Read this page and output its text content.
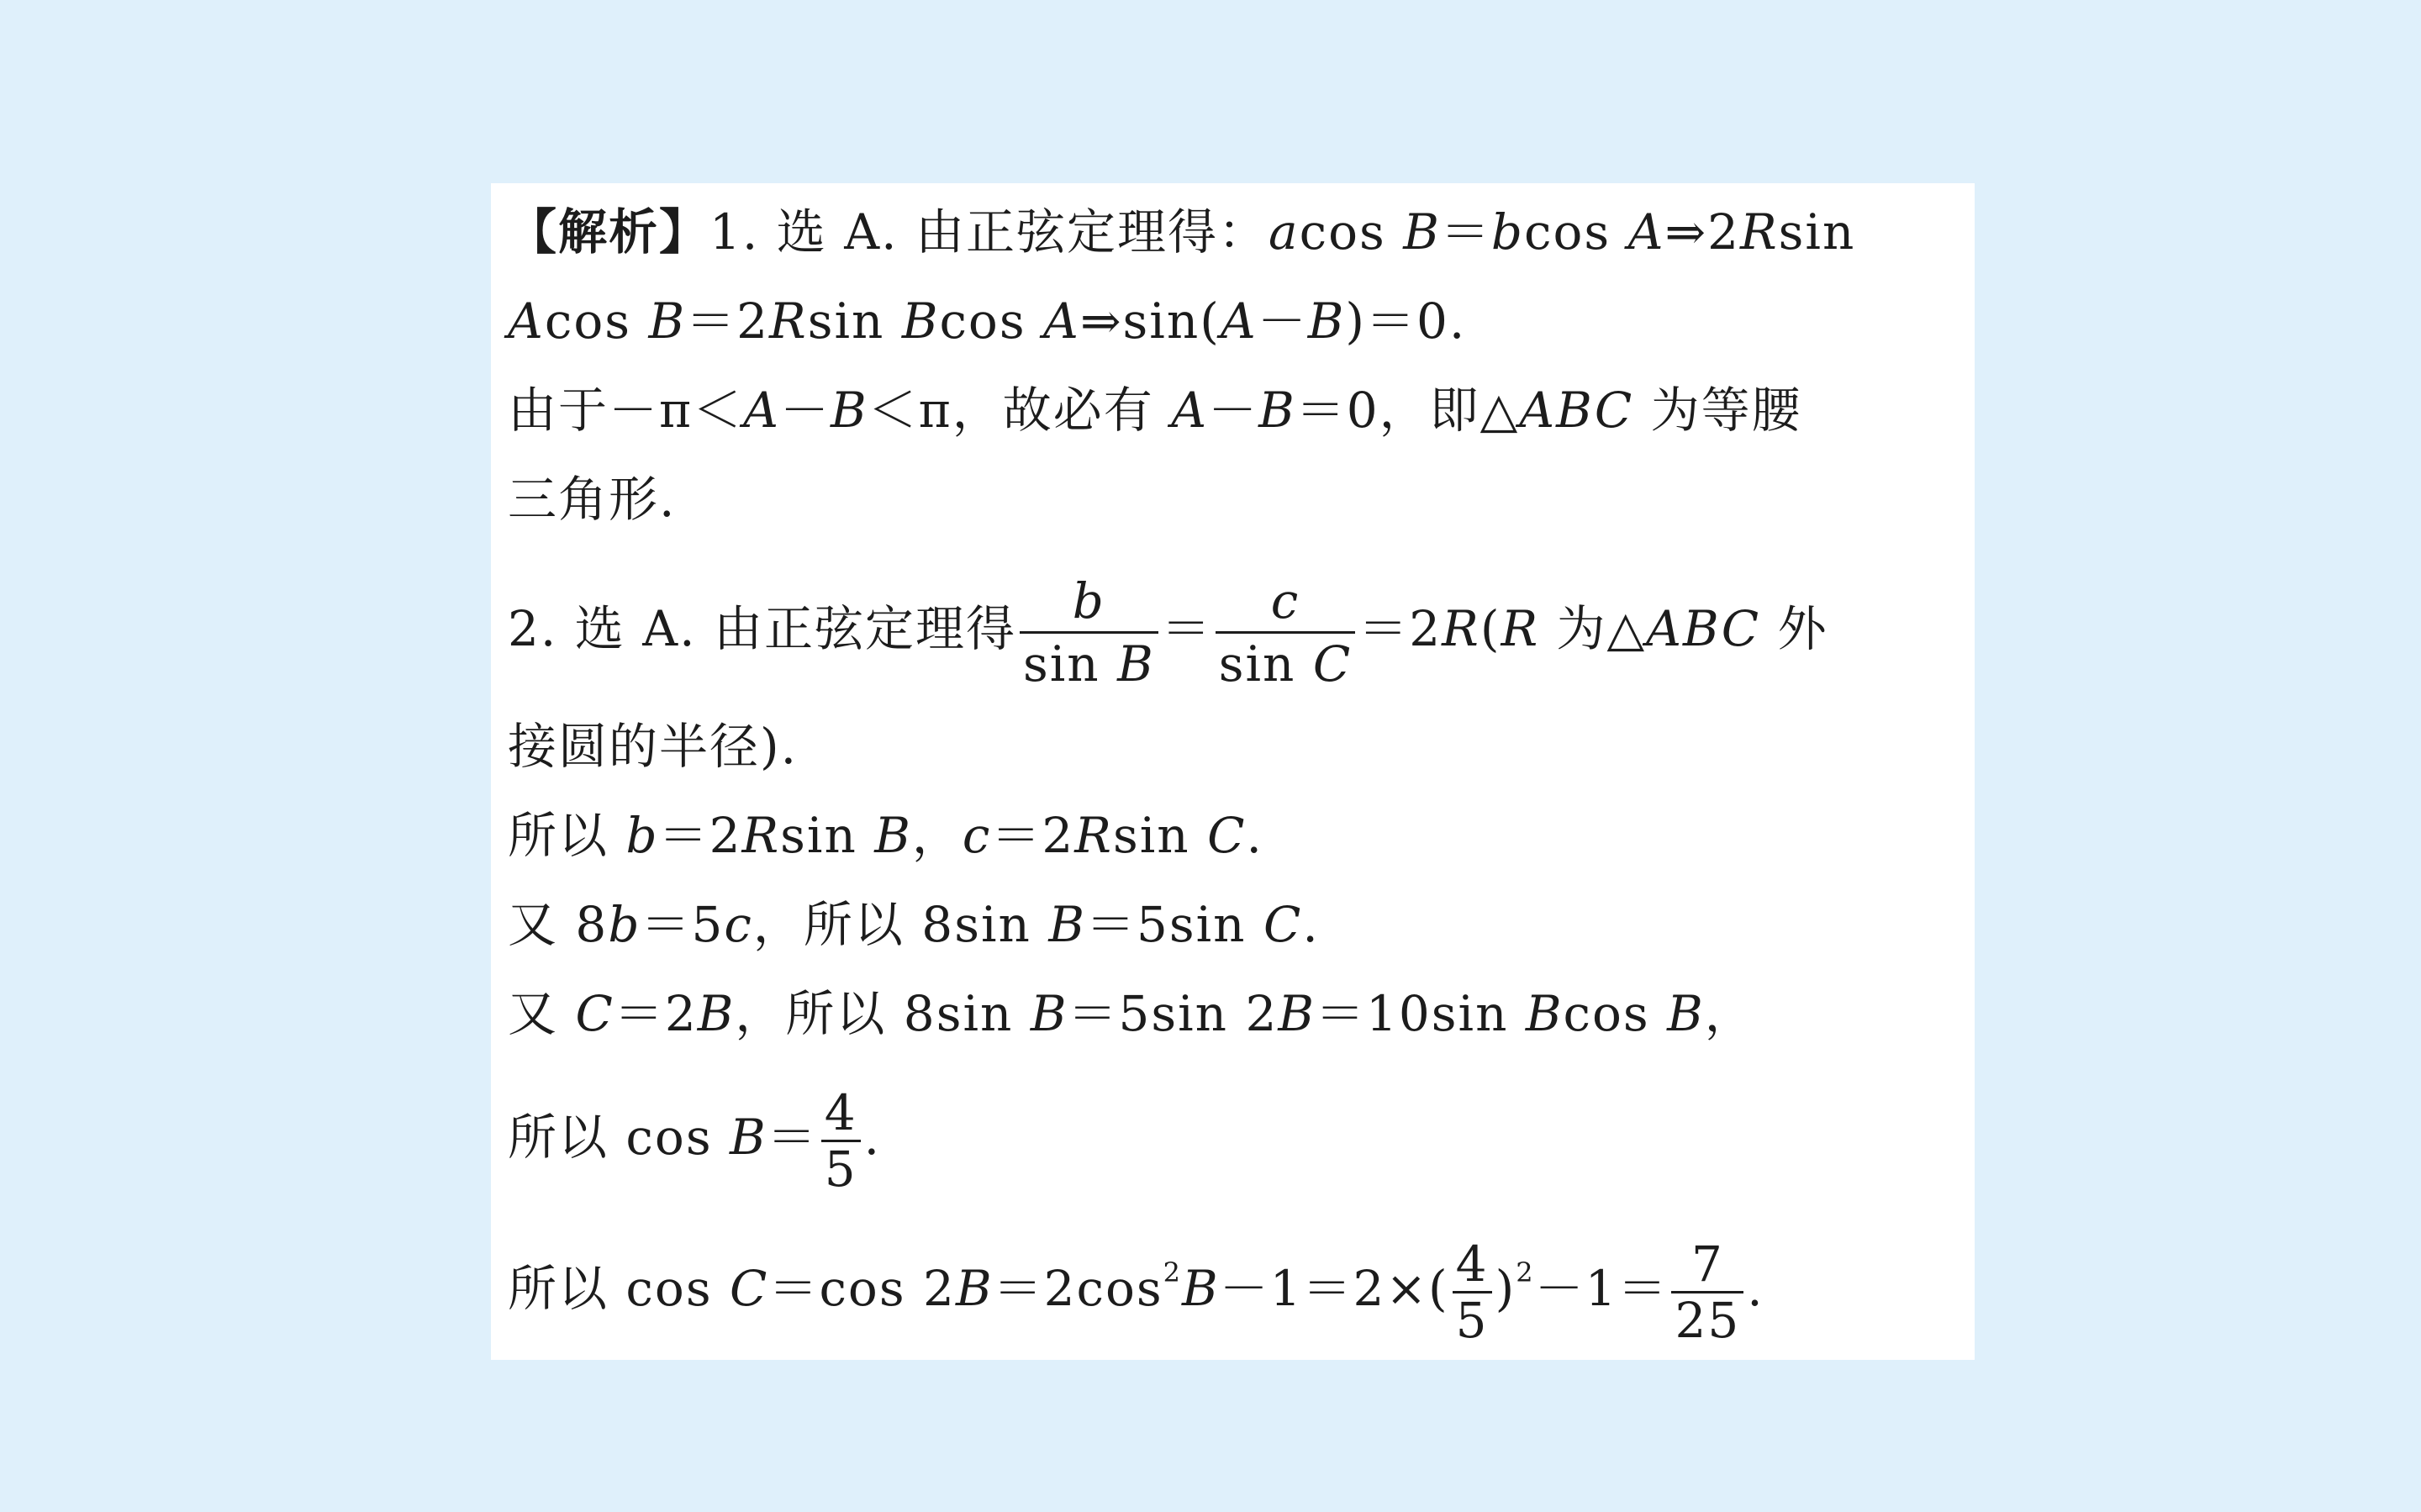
【解析】1. 选 A. 由正弦定理得：acos B＝bcos A⇒2Rsin
Acos B＝2Rsin Bcos A⇒sin(A－B)＝0.
由于－π＜A－B＜π，故必有 A－B＝0，即△ABC 为等腰
三角形.
2. 选 A. 由正弦定理得 $\frac{b}{\text{sin B}} = \frac{c}{\text{sin C}} =2R(R$ 为△ABC 外
接圆的半径).
所以 b＝2Rsin B，c＝2Rsin C.
又 8b＝5c，所以 8sin B＝5sin C.
又 C＝2B，所以 8sin B＝5sin 2B＝10sin Bcos B，
所以 $\cos B= \frac{4}{5}$ .
所以 cos C＝cos $2B=2\cos^2B-1=2\times( \frac{4}{5} )^2-1= \frac{7}{25}$ .
